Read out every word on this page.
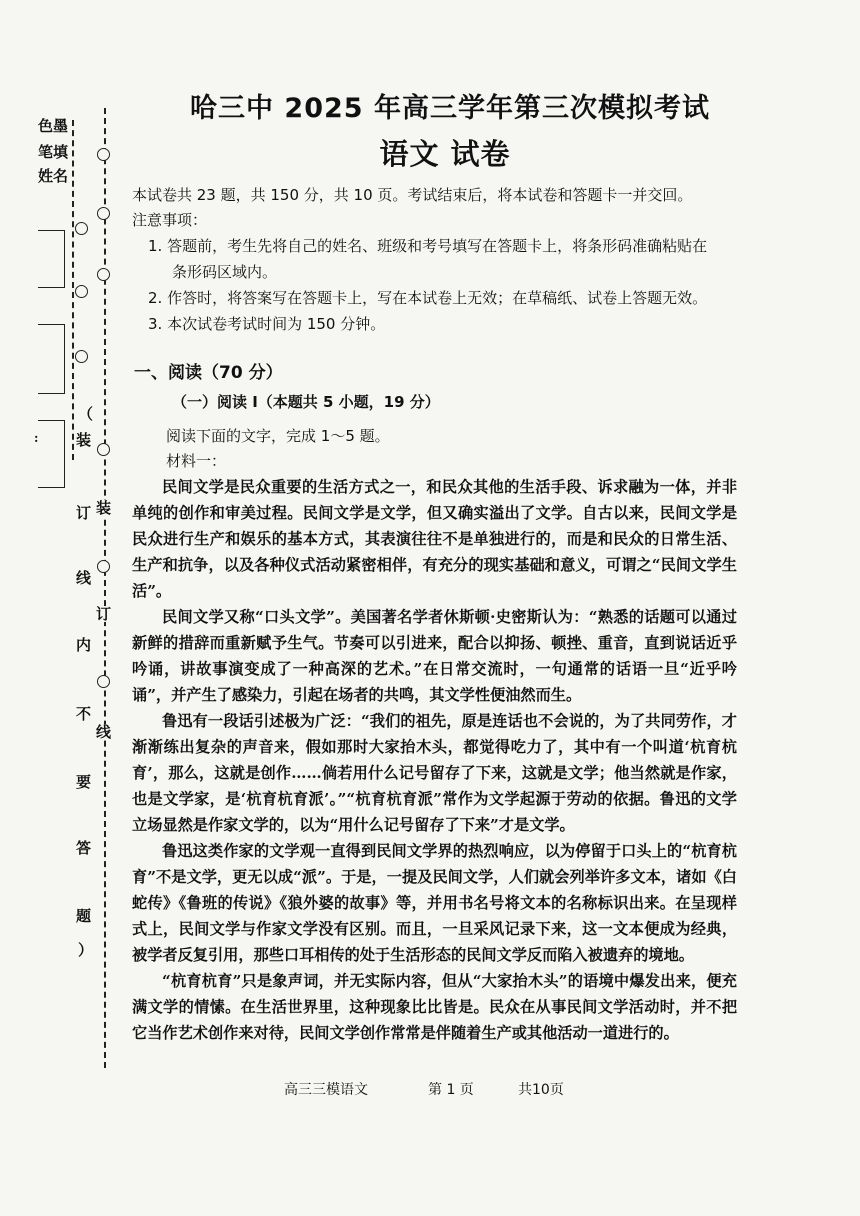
色墨
笔填
姓名
:
（
装
订
线
内
不
要
答
题
）
装
订
线
哈三中 2025 年高三学年第三次模拟考试
语文 试卷
本试卷共 23 题，共 150 分，共 10 页。考试结束后，将本试卷和答题卡一并交回。
注意事项：
1. 答题前，考生先将自己的姓名、班级和考号填写在答题卡上，将条形码准确粘贴在
条形码区域内。
2. 作答时，将答案写在答题卡上，写在本试卷上无效；在草稿纸、试卷上答题无效。
3. 本次试卷考试时间为 150 分钟。
一、阅读（70 分）
（一）阅读 I（本题共 5 小题，19 分）
阅读下面的文字，完成 1～5 题。
材料一：

民间文学是民众重要的生活方式之一，和民众其他的生活手段、诉求融为一体，并非单纯的创作和审美过程。民间文学是文学，但又确实溢出了文学。自古以来，民间文学是民众进行生产和娱乐的基本方式，其表演往往不是单独进行的，而是和民众的日常生活、生产和抗争，以及各种仪式活动紧密相伴，有充分的现实基础和意义，可谓之“民间文学生活”。

民间文学又称“口头文学”。美国著名学者休斯顿·史密斯认为：“熟悉的话题可以通过新鲜的措辞而重新赋予生气。节奏可以引进来，配合以抑扬、顿挫、重音，直到说话近乎吟诵，讲故事演变成了一种高深的艺术。”在日常交流时，一句通常的话语一旦“近乎吟诵”，并产生了感染力，引起在场者的共鸣，其文学性便油然而生。

鲁迅有一段话引述极为广泛：“我们的祖先，原是连话也不会说的，为了共同劳作，才渐渐练出复杂的声音来，假如那时大家抬木头，都觉得吃力了，其中有一个叫道‘杭育杭育’，那么，这就是创作……倘若用什么记号留存了下来，这就是文学；他当然就是作家，也是文学家，是‘杭育杭育派’。”“杭育杭育派”常作为文学起源于劳动的依据。鲁迅的文学立场显然是作家文学的，以为“用什么记号留存了下来”才是文学。

鲁迅这类作家的文学观一直得到民间文学界的热烈响应，以为停留于口头上的“杭育杭育”不是文学，更无以成“派”。于是，一提及民间文学，人们就会列举许多文本，诸如《白蛇传》《鲁班的传说》《狼外婆的故事》等，并用书名号将文本的名称标识出来。在呈现样式上，民间文学与作家文学没有区别。而且，一旦采风记录下来，这一文本便成为经典，被学者反复引用，那些口耳相传的处于生活形态的民间文学反而陷入被遗弃的境地。

“杭育杭育”只是象声词，并无实际内容，但从“大家抬木头”的语境中爆发出来，便充满文学的情愫。在生活世界里，这种现象比比皆是。民众在从事民间文学活动时，并不把它当作艺术创作来对待，民间文学创作常常是伴随着生产或其他活动一道进行的。

高三三模语文	第 1 页	共10页
